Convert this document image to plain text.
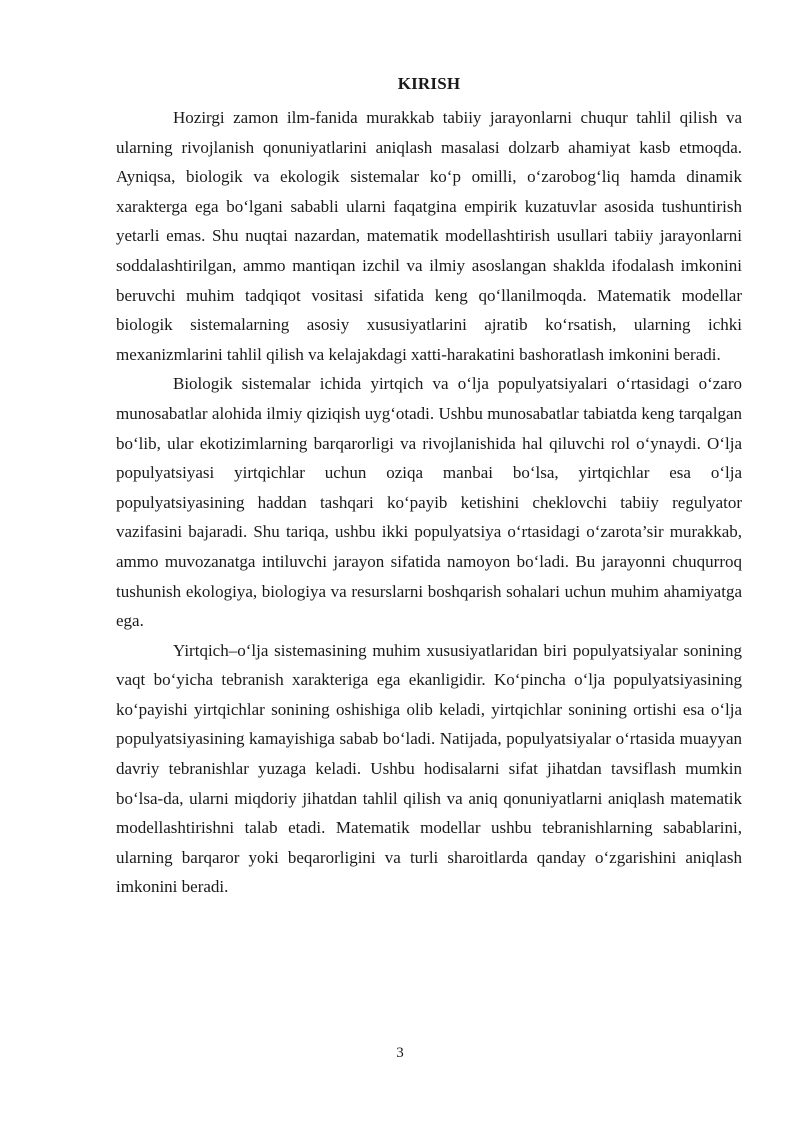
KIRISH

Hozirgi zamon ilm-fanida murakkab tabiiy jarayonlarni chuqur tahlil qilish va ularning rivojlanish qonuniyatlarini aniqlash masalasi dolzarb ahamiyat kasb etmoqda. Ayniqsa, biologik va ekologik sistemalar ko‘p omilli, o‘zarobog‘liq hamda dinamik xarakterga ega bo‘lgani sababli ularni faqatgina empirik kuzatuvlar asosida tushuntirish yetarli emas. Shu nuqtai nazardan, matematik modellashtirish usullari tabiiy jarayonlarni soddalashtirilgan, ammo mantiqan izchil va ilmiy asoslangan shaklda ifodalash imkonini beruvchi muhim tadqiqot vositasi sifatida keng qo‘llanilmoqda. Matematik modellar biologik sistemalarning asosiy xususiyatlarini ajratib ko‘rsatish, ularning ichki mexanizmlarini tahlil qilish va kelajakdagi xatti-harakatini bashoratlash imkonini beradi.

Biologik sistemalar ichida yirtqich va o‘lja populyatsiyalari o‘rtasidagi o‘zaro munosabatlar alohida ilmiy qiziqish uyg‘otadi. Ushbu munosabatlar tabiatda keng tarqalgan bo‘lib, ular ekotizimlarning barqarorligi va rivojlanishida hal qiluvchi rol o‘ynaydi. O‘lja populyatsiyasi yirtqichlar uchun oziqa manbai bo‘lsa, yirtqichlar esa o‘lja populyatsiyasining haddan tashqari ko‘payib ketishini cheklovchi tabiiy regulyator vazifasini bajaradi. Shu tariqa, ushbu ikki populyatsiya o‘rtasidagi o‘zarota’sir murakkab, ammo muvozanatga intiluvchi jarayon sifatida namoyon bo‘ladi. Bu jarayonni chuqurroq tushunish ekologiya, biologiya va resurslarni boshqarish sohalari uchun muhim ahamiyatga ega.

Yirtqich–o‘lja sistemasining muhim xususiyatlaridan biri populyatsiyalar sonining vaqt bo‘yicha tebranish xarakteriga ega ekanligidir. Ko‘pincha o‘lja populyatsiyasining ko‘payishi yirtqichlar sonining oshishiga olib keladi, yirtqichlar sonining ortishi esa o‘lja populyatsiyasining kamayishiga sabab bo‘ladi. Natijada, populyatsiyalar o‘rtasida muayyan davriy tebranishlar yuzaga keladi. Ushbu hodisalarni sifat jihatdan tavsiflash mumkin bo‘lsa-da, ularni miqdoriy jihatdan tahlil qilish va aniq qonuniyatlarni aniqlash matematik modellashtirishni talab etadi. Matematik modellar ushbu tebranishlarning sabablarini, ularning barqaror yoki beqarorligini va turli sharoitlarda qanday o‘zgarishini aniqlash imkonini beradi.

3
